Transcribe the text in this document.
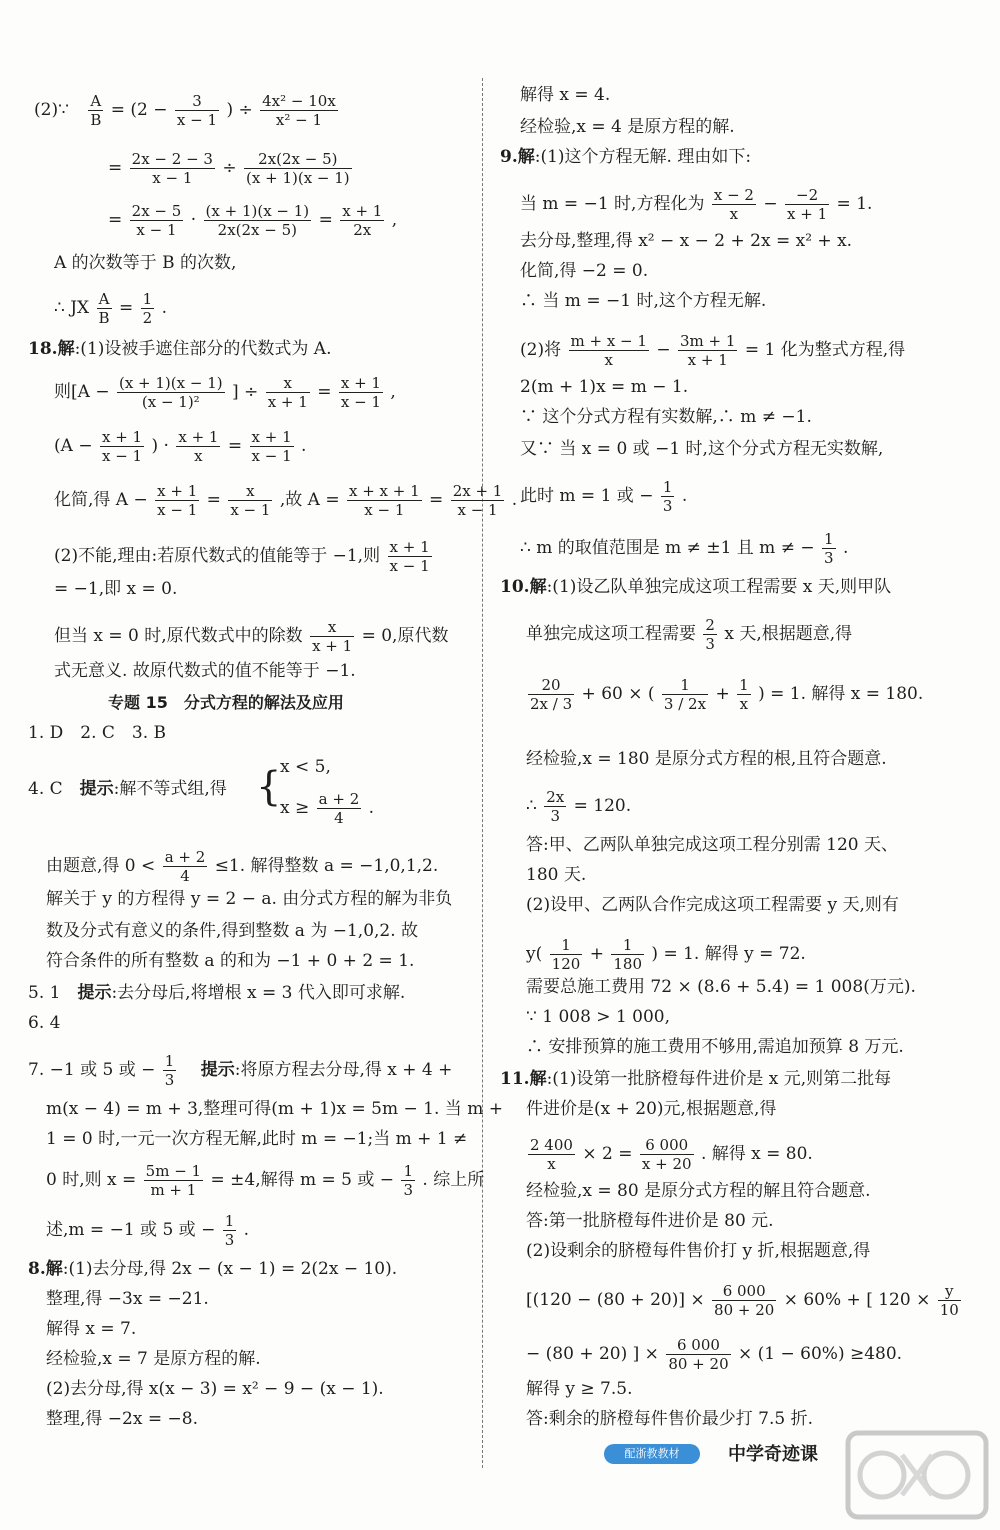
(2)∵ $\frac{A}{B} = (2 - \frac{3}{x - 1}$ ) ÷ $\frac{\text{4x² − 10x}}{\text{x² − 1}}$
= $\frac{2x - 2 - 3}{x - 1} \div \frac{2x(2x - 5)}{(x + 1)(x - 1)}$
= $\frac{2x - 5}{x - 1} \cdot \frac{(x + 1)(x - 1)}{2x(2x - 5)} = \frac{x + 1}{2x}$ ,
A 的次数等于 B 的次数,
∴ JX $\frac{A}{B} = \frac{1}{2}$ .
18.解:(1)设被手遮住部分的代数式为 A.
则[$A - \frac{(x + 1)(x - 1)}{\text{(x − 1)²}}$ ] ÷ $\frac{x}{x + 1} = \frac{x + 1}{x - 1}$ ,
($A - \frac{x + 1}{x - 1}$ ) · $\frac{x + 1}{x} = \frac{x + 1}{x - 1}$ .
化简,得 $A - \frac{x + 1}{x - 1} = \frac{x}{x - 1}$ ,故 $A = \frac{x + x + 1}{x - 1} = \frac{2x + 1}{x - 1}$ .
(2)不能,理由:若原代数式的值能等于 −1,则 $\frac{x + 1}{x - 1}$
= −1,即 x = 0.
但当 x = 0 时,原代数式中的除数 $\frac{x}{x + 1} = 0$,原代数
式无意义. 故原代数式的值不能等于 −1.
专题 15　分式方程的解法及应用
1. D　2. C　3. B
4. C　提示:解不等式组,得 {
x < 5,
$x \ge \frac{a + 2}{4}$ .
由题意,得 $0 < \frac{a + 2}{4} \le 1$. 解得整数 a = −1,0,1,2.
解关于 y 的方程得 y = 2 − a. 由分式方程的解为非负
数及分式有意义的条件,得到整数 a 为 −1,0,2. 故
符合条件的所有整数 a 的和为 −1 + 0 + 2 = 1.
5. 1　提示:去分母后,将增根 x = 3 代入即可求解.
6. 4
7. −1 或 5 或 − $\frac{1}{3}$ 　提示:将原方程去分母,得 x + 4 +
m(x − 4) = m + 3,整理可得(m + 1)x = 5m − 1. 当 m +
1 = 0 时,一元一次方程无解,此时 m = −1;当 m + 1 ≠
0 时,则 $x = \frac{5m - 1}{m + 1} = \pm 4$,解得 m = 5 或 − $\frac{1}{3}$ . 综上所
述,m = −1 或 5 或 − $\frac{1}{3}$ .
8.解:(1)去分母,得 2x − (x − 1) = 2(2x − 10).
整理,得 −3x = −21.
解得 x = 7.
经检验,x = 7 是原方程的解.
(2)去分母,得 x(x − 3) = x² − 9 − (x − 1).
整理,得 −2x = −8.
解得 x = 4.
经检验,x = 4 是原方程的解.
9.解:(1)这个方程无解. 理由如下:
当 m = −1 时,方程化为 $\frac{x - 2}{x} - \frac{-2}{x + 1} = 1$.
去分母,整理,得 x² − x − 2 + 2x = x² + x.
化简,得 −2 = 0.
∴ 当 m = −1 时,这个方程无解.
(2)将 $\frac{m + x - 1}{x} - \frac{3m + 1}{x + 1} = 1$ 化为整式方程,得
2(m + 1)x = m − 1.
∵ 这个分式方程有实数解,∴ m ≠ −1.
又∵ 当 x = 0 或 −1 时,这个分式方程无实数解,
此时 m = 1 或 − $\frac{1}{3}$ .
∴ m 的取值范围是 m ≠ ±1 且 m ≠ − $\frac{1}{3}$ .
10.解:(1)设乙队单独完成这项工程需要 x 天,则甲队
单独完成这项工程需要 $\frac{2}{3}$ x 天,根据题意,得
$\frac{20}{2x / 3} + 60$ × ( $\frac{1}{3 / 2x} + \frac{1}{x}$ ) = 1. 解得 x = 180.
经检验,x = 180 是原分式方程的根,且符合题意.
∴ $\frac{2x}{3} = 120$.
答:甲、乙两队单独完成这项工程分别需 120 天、
180 天.
(2)设甲、乙两队合作完成这项工程需要 y 天,则有
$y( \frac{1}{120} + \frac{1}{180}$ ) = 1. 解得 y = 72.
需要总施工费用 72 × (8.6 + 5.4) = 1 008(万元).
∵ 1 008 > 1 000,
∴ 安排预算的施工费用不够用,需追加预算 8 万元.
11.解:(1)设第一批脐橙每件进价是 x 元,则第二批每
件进价是(x + 20)元,根据题意,得
$\frac{2 400}{x} \times 2 = \frac{6 000}{x + 20}$ . 解得 x = 80.
经检验,x = 80 是原分式方程的解且符合题意.
答:第一批脐橙每件进价是 80 元.
(2)设剩余的脐橙每件售价打 y 折,根据题意,得
[$(120 - (80 + 20)] \times \frac{6 000}{80 + 20} \times 60\%$ + [ $120 \times \frac{y}{10}$
− (80 + 20) ] × $\frac{6 000}{80 + 20} \times (1 - 60\%) \ge 480$.
解得 y ≥ 7.5.
答:剩余的脐橙每件售价最少打 7.5 折.
配浙教教材	中学奇迹课
